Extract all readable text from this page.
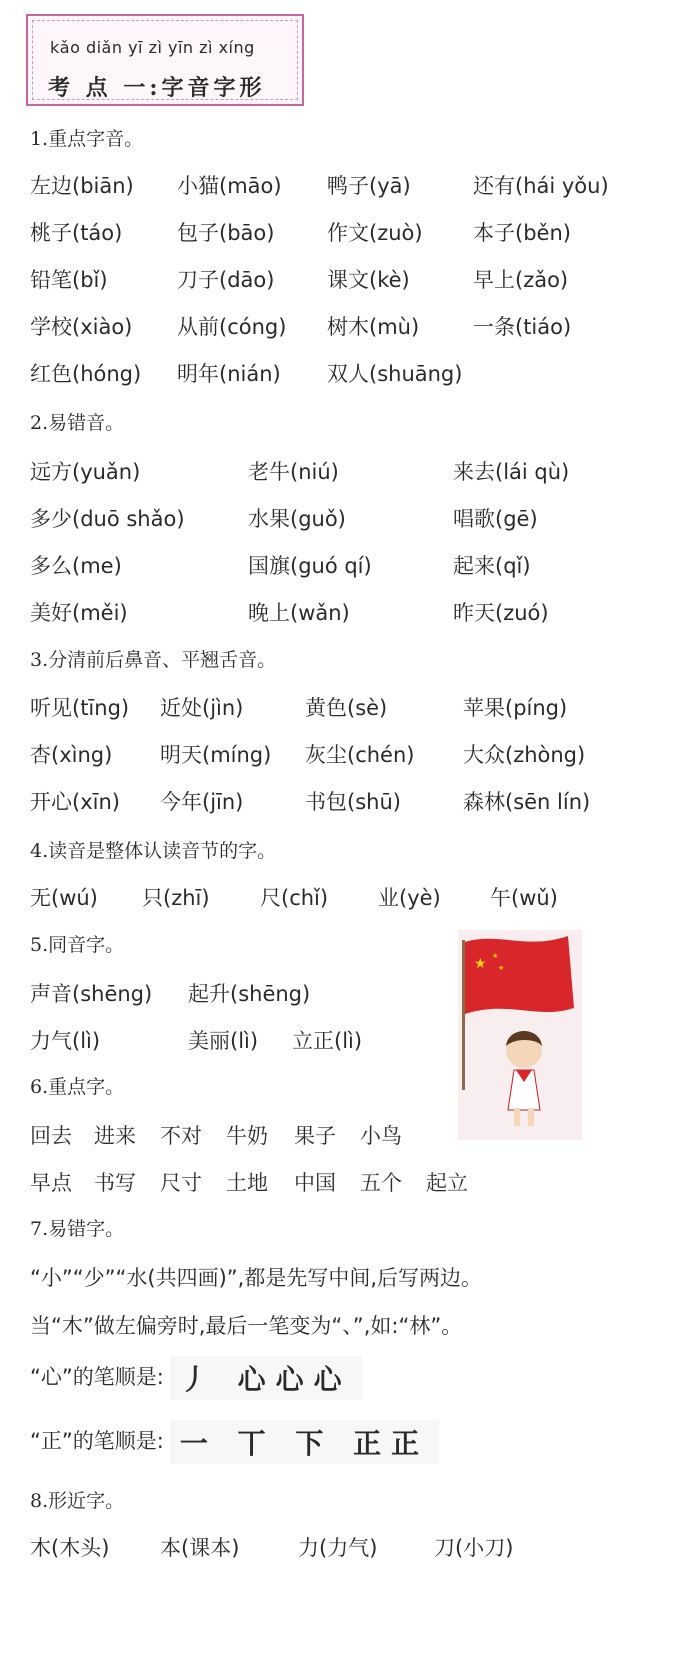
kǎo diǎn yī zì yīn zì xíng
考 点 一:字音字形
1.重点字音。
左边(biān) 小猫(māo) 鸭子(yā)	还有(hái yǒu)
桃子(táo)	包子(bāo)	作文(zuò) 本子(běn)
铅笔(bǐ)	刀子(dāo)	课文(kè)	早上(zǎo)
学校(xiào) 从前(cóng) 树木(mù)	一条(tiáo)
红色(hóng) 明年(nián) 双人(shuāng)
2.易错音。
远方(yuǎn)	老牛(niú)	来去(lái qù)
多少(duō shǎo)	水果(guǒ)	唱歌(gē)
多么(me)	国旗(guó qí)	起来(qǐ)
美好(měi)	晚上(wǎn)	昨天(zuó)
3.分清前后鼻音、平翘舌音。
听见(tīng) 近处(jìn)	黄色(sè)	苹果(píng)
杏(xìng) 明天(míng) 灰尘(chén) 大众(zhòng)
开心(xīn) 今年(jīn)	书包(shū)	森林(sēn lín)
4.读音是整体认读音节的字。
无(wú) 只(zhī) 尺(chǐ) 业(yè) 午(wǔ)
5.同音字。
声音(shēng) 起升(shēng)
力气(lì)	美丽(lì) 立正(lì)
6.重点字。
回去 进来 不对 牛奶 果子 小鸟
早点 书写 尺寸 土地 中国 五个 起立
7.易错字。
“小”“少”“水(共四画)”,都是先写中间,后写两边。
当“木”做左偏旁时,最后一笔变为“、”,如:“林”。
“心”的笔顺是: 丿 心心心
“正”的笔顺是: 一 丅 下 正正
8.形近字。
木(木头) 本(课本)	力(力气)	刀(小刀)
★ ★
★
